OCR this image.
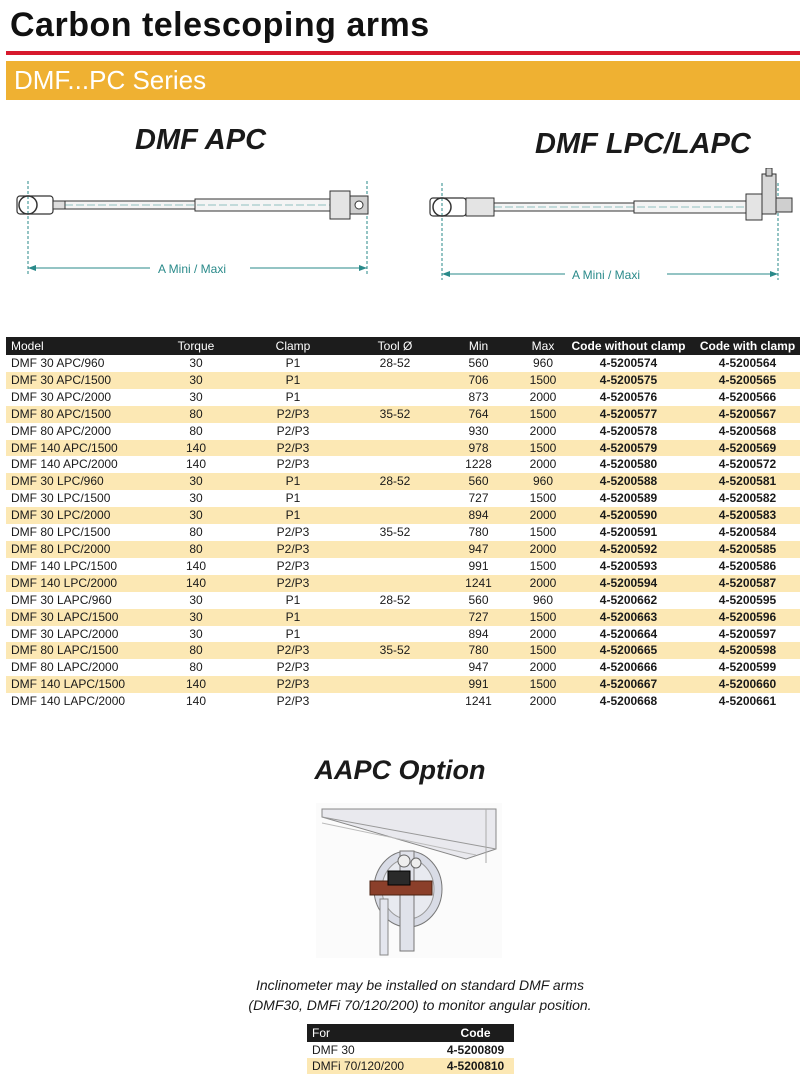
Carbon telescoping arms
DMF...PC Series
DMF APC
A Mini / Maxi
DMF LPC/LAPC
A Mini / Maxi
Model	Torque	Clamp	Tool Ø	Min	Max	Code without clamp	Code with clamp
DMF 30 APC/960	30	P1	28-52	560	960	4-5200574	4-5200564
DMF 30 APC/1500	30	P1		706	1500	4-5200575	4-5200565
DMF 30 APC/2000	30	P1		873	2000	4-5200576	4-5200566
DMF 80 APC/1500	80	P2/P3	35-52	764	1500	4-5200577	4-5200567
DMF 80 APC/2000	80	P2/P3		930	2000	4-5200578	4-5200568
DMF 140 APC/1500	140	P2/P3		978	1500	4-5200579	4-5200569
DMF 140 APC/2000	140	P2/P3		1228	2000	4-5200580	4-5200572
DMF 30 LPC/960	30	P1	28-52	560	960	4-5200588	4-5200581
DMF 30 LPC/1500	30	P1		727	1500	4-5200589	4-5200582
DMF 30 LPC/2000	30	P1		894	2000	4-5200590	4-5200583
DMF 80 LPC/1500	80	P2/P3	35-52	780	1500	4-5200591	4-5200584
DMF 80 LPC/2000	80	P2/P3		947	2000	4-5200592	4-5200585
DMF 140 LPC/1500	140	P2/P3		991	1500	4-5200593	4-5200586
DMF 140 LPC/2000	140	P2/P3		1241	2000	4-5200594	4-5200587
DMF 30 LAPC/960	30	P1	28-52	560	960	4-5200662	4-5200595
DMF 30 LAPC/1500	30	P1		727	1500	4-5200663	4-5200596
DMF 30 LAPC/2000	30	P1		894	2000	4-5200664	4-5200597
DMF 80 LAPC/1500	80	P2/P3	35-52	780	1500	4-5200665	4-5200598
DMF 80 LAPC/2000	80	P2/P3		947	2000	4-5200666	4-5200599
DMF 140 LAPC/1500	140	P2/P3		991	1500	4-5200667	4-5200660
DMF 140 LAPC/2000	140	P2/P3		1241	2000	4-5200668	4-5200661
AAPC Option
Inclinometer may be installed on standard DMF arms
(DMF30, DMFi 70/120/200) to monitor angular position.
For	Code
DMF 30	4-5200809
DMFi 70/120/200	4-5200810
